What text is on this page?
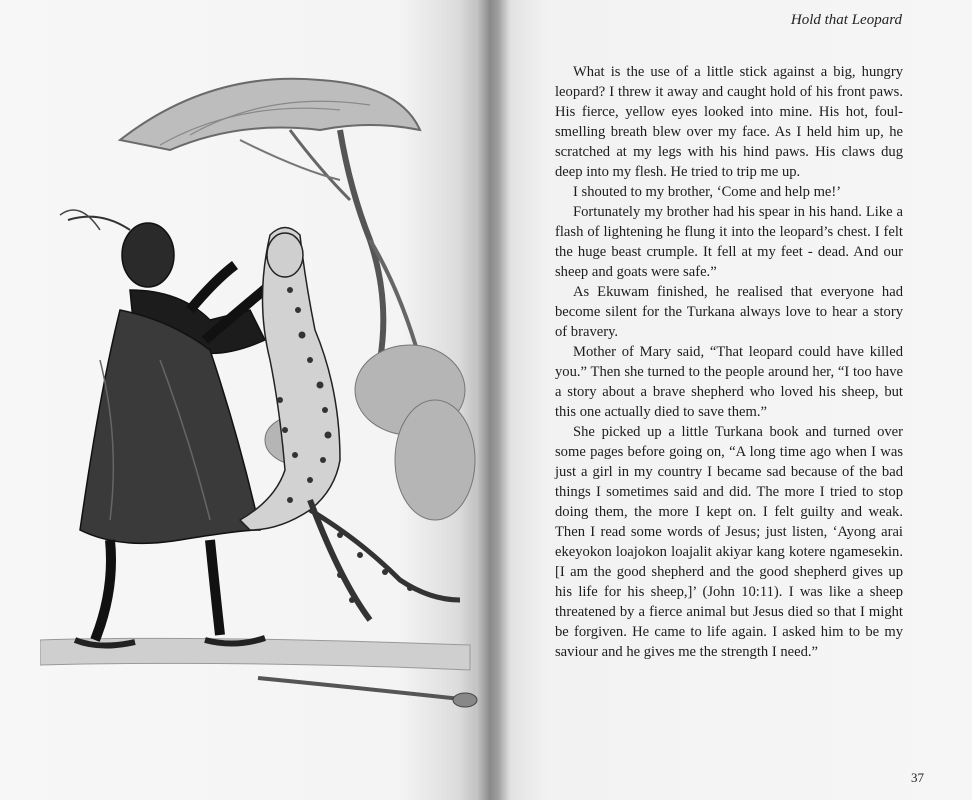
Hold that Leopard

What is the use of a little stick against a big, hungry leopard? I threw it away and caught hold of his front paws. His fierce, yellow eyes looked into mine. His hot, foul-smelling breath blew over my face. As I held him up, he scratched at my legs with his hind paws. His claws dug deep into my flesh. He tried to trip me up.

I shouted to my brother, ‘Come and help me!’

Fortunately my brother had his spear in his hand. Like a flash of lightening he flung it into the leopard’s chest. I felt the huge beast crumple. It fell at my feet - dead. And our sheep and goats were safe.”

As Ekuwam finished, he realised that everyone had become silent for the Turkana always love to hear a story of bravery.

Mother of Mary said, “That leopard could have killed you.” Then she turned to the people around her, “I too have a story about a brave shepherd who loved his sheep, but this one actually died to save them.”

She picked up a little Turkana book and turned over some pages before going on, “A long time ago when I was just a girl in my country I became sad because of the bad things I sometimes said and did. The more I tried to stop doing them, the more I kept on. I felt guilty and weak. Then I read some words of Jesus; just listen, ‘Ayong arai ekeyokon loajokon loajalit akiyar kang kotere ngamesekin. [I am the good shepherd and the good shepherd gives up his life for his sheep,]’ (John 10:11). I was like a sheep threatened by a fierce animal but Jesus died so that I might be forgiven. He came to life again. I asked him to be my saviour and he gives me the strength I need.”

37
